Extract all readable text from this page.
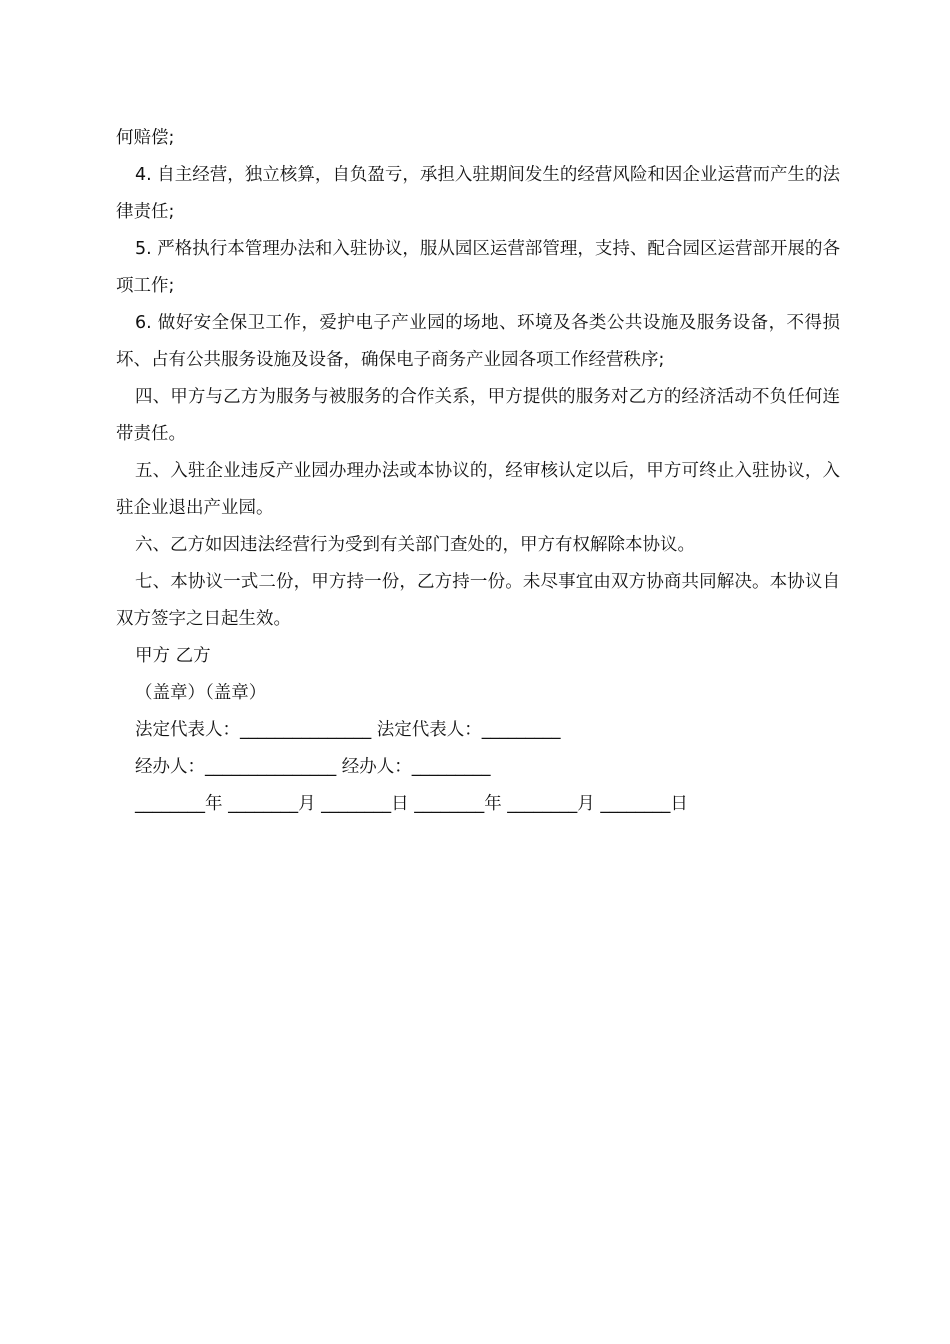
何赔偿;

4. 自主经营，独立核算，自负盈亏，承担入驻期间发生的经营风险和因企业运营而产生的法律责任;

5. 严格执行本管理办法和入驻协议，服从园区运营部管理，支持、配合园区运营部开展的各项工作;

6. 做好安全保卫工作，爱护电子产业园的场地、环境及各类公共设施及服务设备，不得损坏、占有公共服务设施及设备，确保电子商务产业园各项工作经营秩序;

四、甲方与乙方为服务与被服务的合作关系，甲方提供的服务对乙方的经济活动不负任何连带责任。

五、入驻企业违反产业园办理办法或本协议的，经审核认定以后，甲方可终止入驻协议，入驻企业退出产业园。

六、乙方如因违法经营行为受到有关部门查处的，甲方有权解除本协议。

七、本协议一式二份，甲方持一份，乙方持一份。未尽事宜由双方协商共同解决。本协议自双方签字之日起生效。

甲方 乙方

（盖章）（盖章）

法定代表人：_______________ 法定代表人：_________

经办人：_______________ 经办人：_________

________年 ________月 ________日 ________年 ________月 ________日
